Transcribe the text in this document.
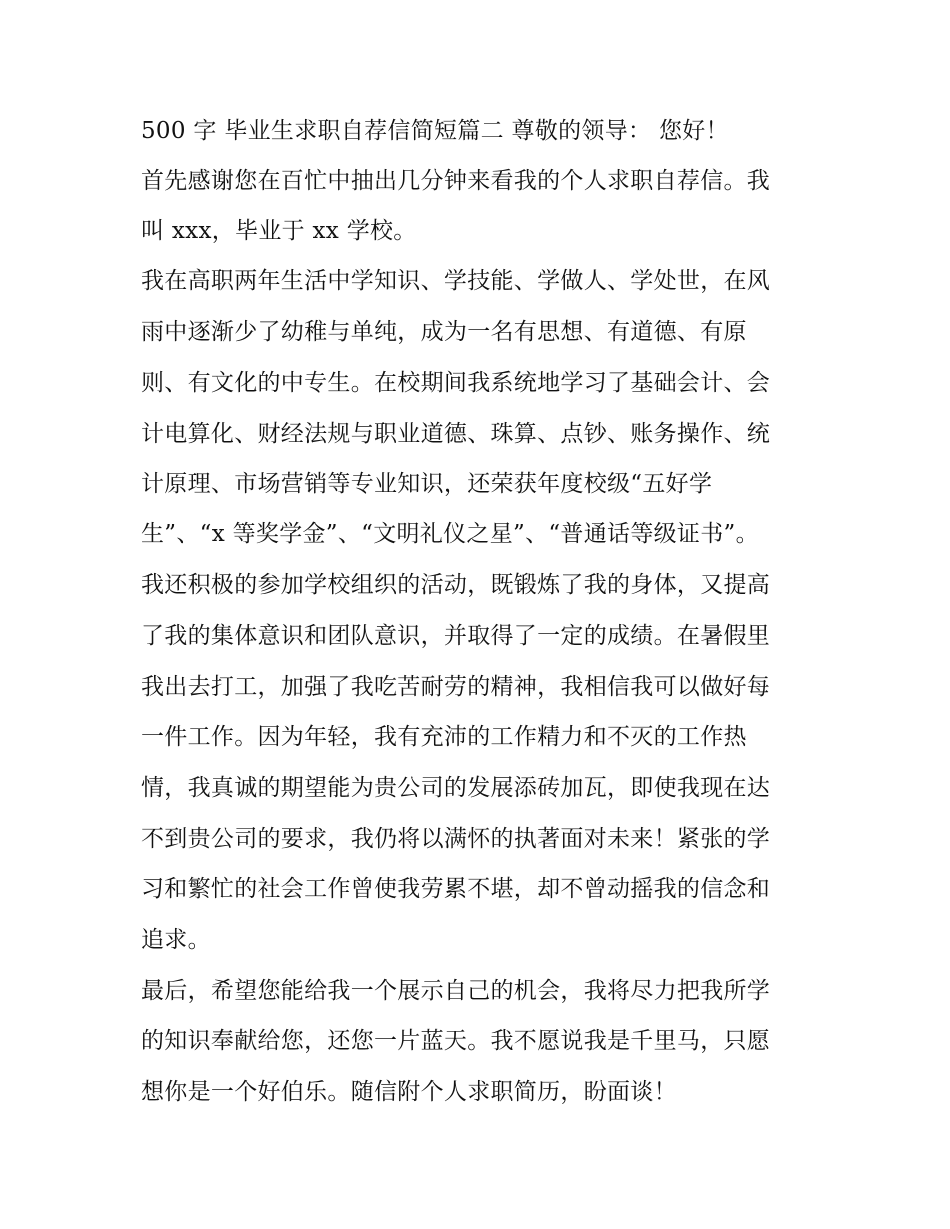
500 字 毕业生求职自荐信简短篇二 尊敬的领导： 您好！
首先感谢您在百忙中抽出几分钟来看我的个人求职自荐信。我
叫 xxx，毕业于 xx 学校。
我在高职两年生活中学知识、学技能、学做人、学处世，在风
雨中逐渐少了幼稚与单纯，成为一名有思想、有道德、有原
则、有文化的中专生。在校期间我系统地学习了基础会计、会
计电算化、财经法规与职业道德、珠算、点钞、账务操作、统
计原理、市场营销等专业知识，还荣获年度校级“五好学
生”、“x 等奖学金”、“文明礼仪之星”、“普通话等级证书”。
我还积极的参加学校组织的活动，既锻炼了我的身体，又提高
了我的集体意识和团队意识，并取得了一定的成绩。在暑假里
我出去打工，加强了我吃苦耐劳的精神，我相信我可以做好每
一件工作。因为年轻，我有充沛的工作精力和不灭的工作热
情，我真诚的期望能为贵公司的发展添砖加瓦，即使我现在达
不到贵公司的要求，我仍将以满怀的执著面对未来！紧张的学
习和繁忙的社会工作曾使我劳累不堪，却不曾动摇我的信念和
追求。
最后，希望您能给我一个展示自己的机会，我将尽力把我所学
的知识奉献给您，还您一片蓝天。我不愿说我是千里马，只愿
想你是一个好伯乐。随信附个人求职简历，盼面谈！
